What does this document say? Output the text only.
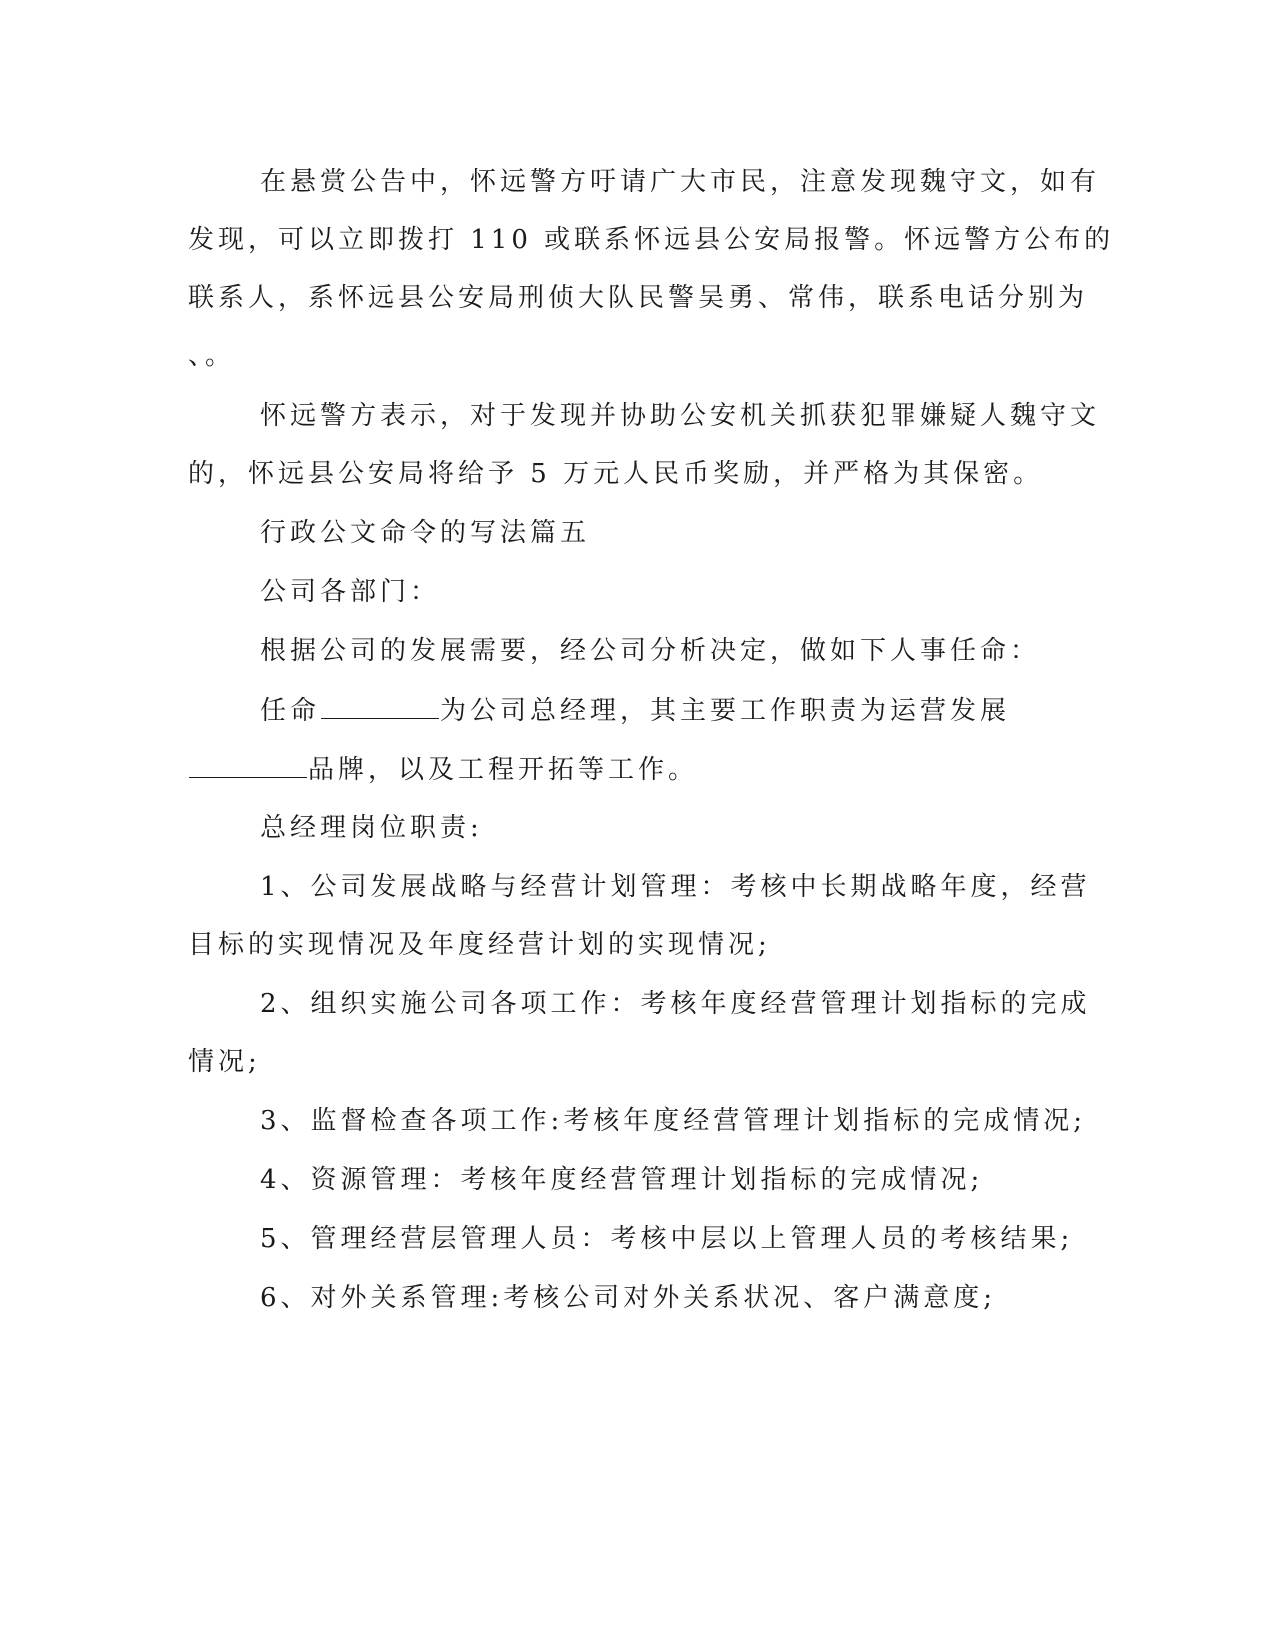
在悬赏公告中，怀远警方吁请广大市民，注意发现魏守文，如有
发现，可以立即拨打 110 或联系怀远县公安局报警。怀远警方公布的
联系人，系怀远县公安局刑侦大队民警吴勇、常伟，联系电话分别为
、。
怀远警方表示，对于发现并协助公安机关抓获犯罪嫌疑人魏守文
的，怀远县公安局将给予 5 万元人民币奖励，并严格为其保密。
行政公文命令的写法篇五
公司各部门：
根据公司的发展需要，经公司分析决定，做如下人事任命：
任命	为公司总经理，其主要工作职责为运营发展
品牌，以及工程开拓等工作。
总经理岗位职责:
1、公司发展战略与经营计划管理：考核中长期战略年度，经营
目标的实现情况及年度经营计划的实现情况;
2、组织实施公司各项工作：考核年度经营管理计划指标的完成
情况;
3、监督检查各项工作:考核年度经营管理计划指标的完成情况;
4、资源管理：考核年度经营管理计划指标的完成情况;
5、管理经营层管理人员：考核中层以上管理人员的考核结果;
6、对外关系管理:考核公司对外关系状况、客户满意度;
